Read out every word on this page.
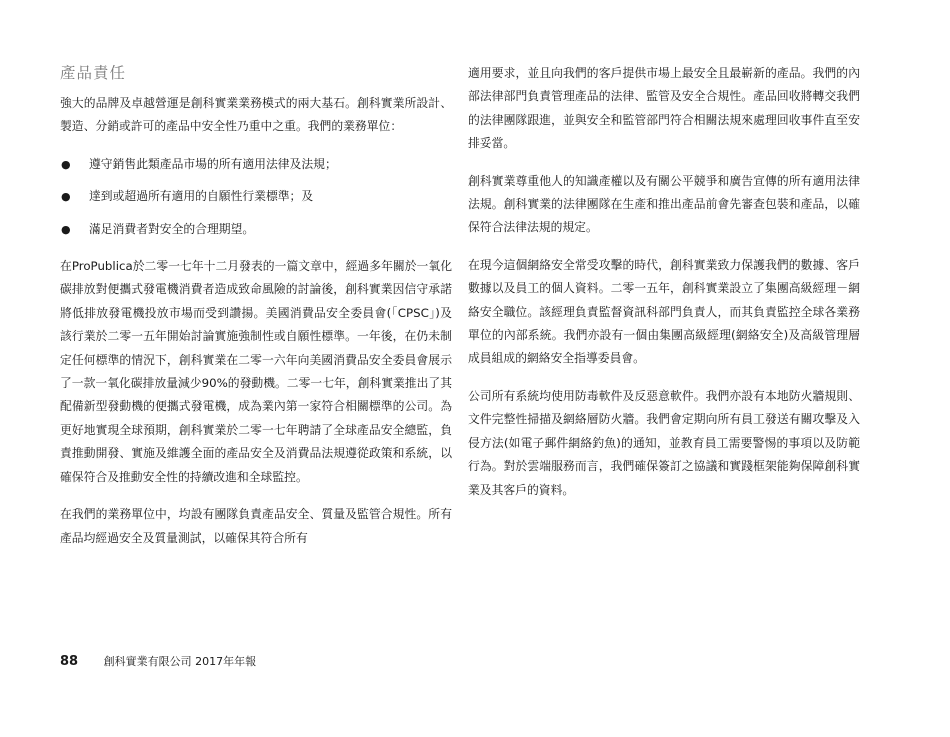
產品責任

強大的品牌及卓越營運是創科實業業務模式的兩大基石。創科實業所設計、製造、分銷或許可的產品中安全性乃重中之重。我們的業務單位：

● 遵守銷售此類產品市場的所有適用法律及法規；
● 達到或超過所有適用的自願性行業標準；及
● 滿足消費者對安全的合理期望。

在ProPublica於二零一七年十二月發表的一篇文章中，經過多年關於一氧化碳排放對便攜式發電機消費者造成致命風險的討論後，創科實業因信守承諾將低排放發電機投放市場而受到讚揚。美國消費品安全委員會(「CPSC」)及該行業於二零一五年開始討論實施強制性或自願性標準。一年後，在仍未制定任何標準的情況下，創科實業在二零一六年向美國消費品安全委員會展示了一款一氧化碳排放量減少90%的發動機。二零一七年，創科實業推出了其配備新型發動機的便攜式發電機，成為業內第一家符合相關標準的公司。為更好地實現全球預期，創科實業於二零一七年聘請了全球產品安全總監，負責推動開發、實施及維護全面的產品安全及消費品法規遵從政策和系統，以確保符合及推動安全性的持續改進和全球監控。

在我們的業務單位中，均設有團隊負責產品安全、質量及監管合規性。所有產品均經過安全及質量測試，以確保其符合所有

適用要求，並且向我們的客戶提供市場上最安全且最嶄新的產品。我們的內部法律部門負責管理產品的法律、監管及安全合規性。產品回收將轉交我們的法律團隊跟進，並與安全和監管部門符合相關法規來處理回收事件直至安排妥當。

創科實業尊重他人的知識產權以及有關公平競爭和廣告宣傳的所有適用法律法規。創科實業的法律團隊在生產和推出產品前會先審查包裝和產品，以確保符合法律法規的規定。

在現今這個網絡安全常受攻擊的時代，創科實業致力保護我們的數據、客戶數據以及員工的個人資料。二零一五年，創科實業設立了集團高級經理－網絡安全職位。該經理負責監督資訊科部門負責人，而其負責監控全球各業務單位的內部系統。我們亦設有一個由集團高級經理(網絡安全)及高級管理層成員組成的網絡安全指導委員會。

公司所有系統均使用防毒軟件及反惡意軟件。我們亦設有本地防火牆規則、文件完整性掃描及網絡層防火牆。我們會定期向所有員工發送有關攻擊及入侵方法(如電子郵件網絡釣魚)的通知，並教育員工需要警惕的事項以及防範行為。對於雲端服務而言，我們確保簽訂之協議和實踐框架能夠保障創科實業及其客戶的資料。

88 創科實業有限公司 2017年年報
